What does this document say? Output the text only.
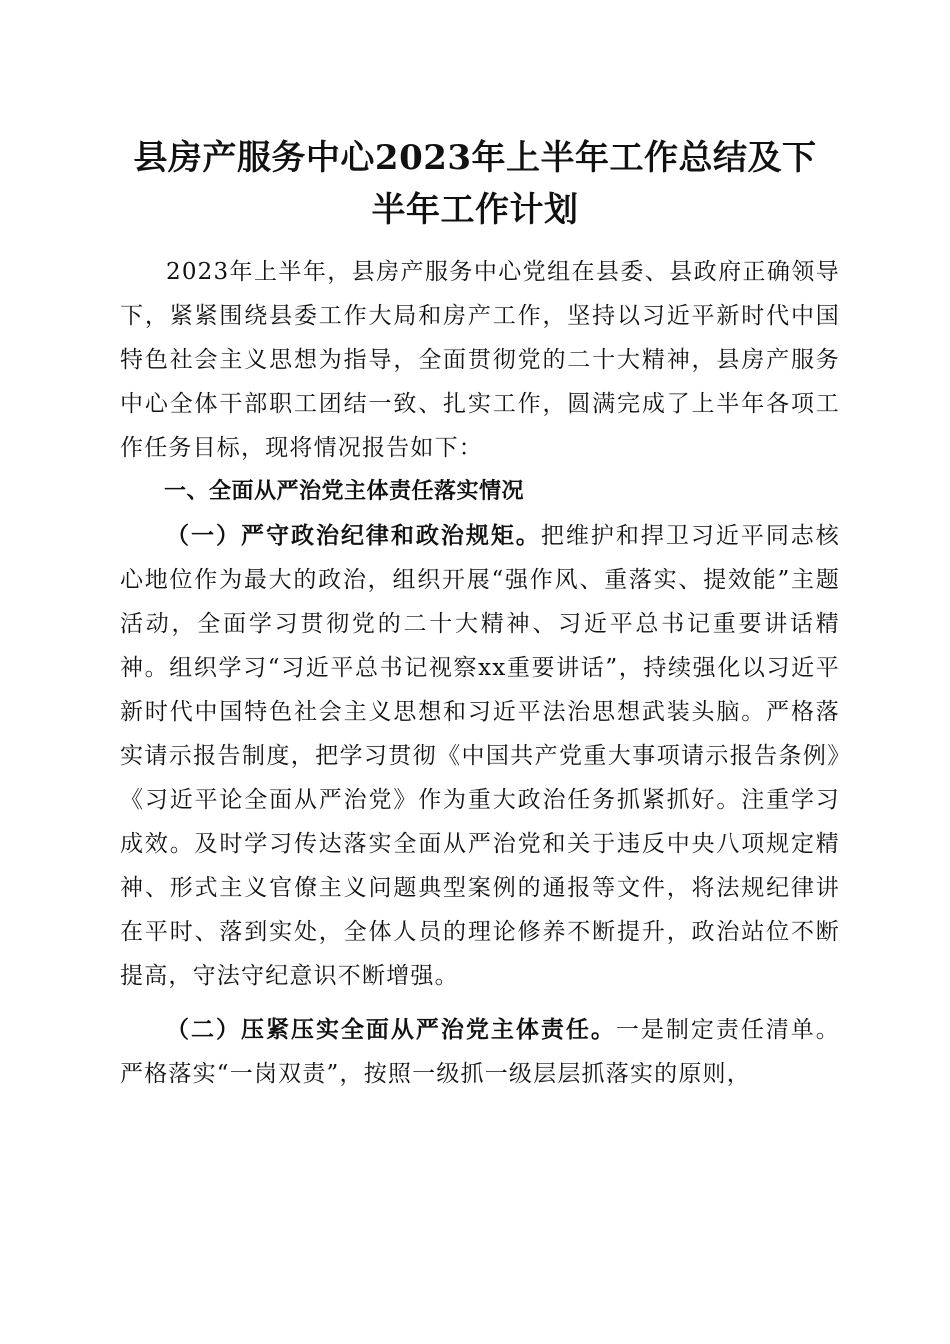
县房产服务中心2023年上半年工作总结及下
半年工作计划

2023年上半年，县房产服务中心党组在县委、县政府正确领导下，紧紧围绕县委工作大局和房产工作，坚持以习近平新时代中国特色社会主义思想为指导，全面贯彻党的二十大精神，县房产服务中心全体干部职工团结一致、扎实工作，圆满完成了上半年各项工作任务目标，现将情况报告如下：

一、全面从严治党主体责任落实情况

（一）严守政治纪律和政治规矩。把维护和捍卫习近平同志核心地位作为最大的政治，组织开展“强作风、重落实、提效能”主题活动，全面学习贯彻党的二十大精神、习近平总书记重要讲话精神。组织学习“习近平总书记视察xx重要讲话”，持续强化以习近平新时代中国特色社会主义思想和习近平法治思想武装头脑。严格落实请示报告制度，把学习贯彻《中国共产党重大事项请示报告条例》《习近平论全面从严治党》作为重大政治任务抓紧抓好。注重学习成效。及时学习传达落实全面从严治党和关于违反中央八项规定精神、形式主义官僚主义问题典型案例的通报等文件，将法规纪律讲在平时、落到实处，全体人员的理论修养不断提升，政治站位不断提高，守法守纪意识不断增强。

（二）压紧压实全面从严治党主体责任。一是制定责任清单。严格落实“一岗双责”，按照一级抓一级层层抓落实的原则，
